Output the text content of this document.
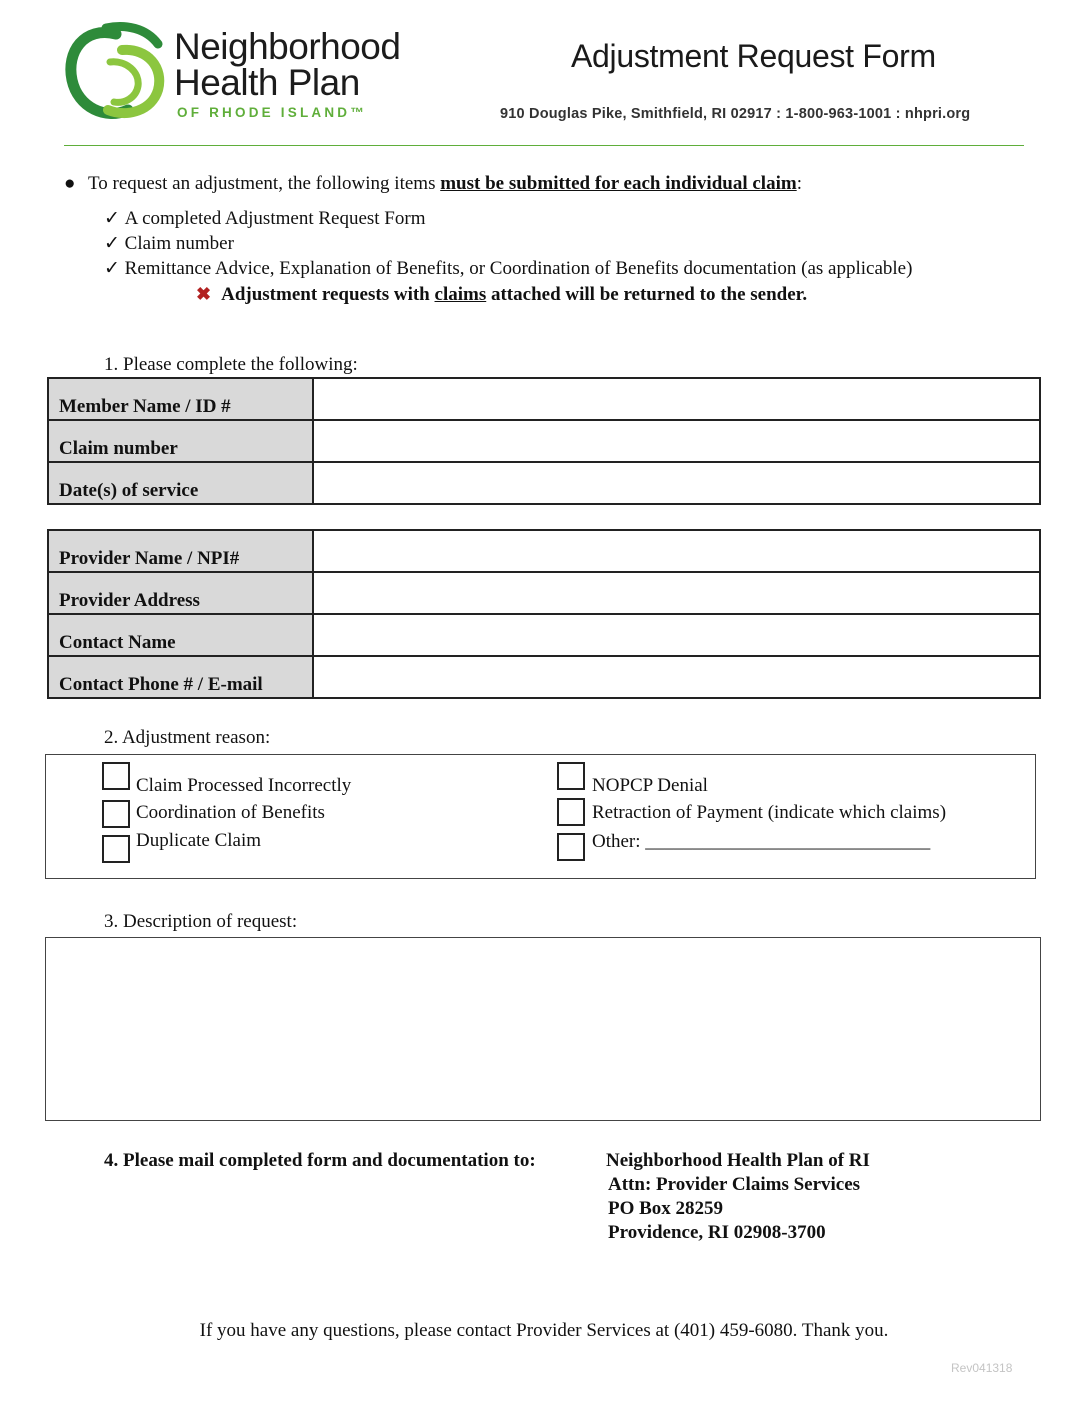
Neighborhood
Health Plan
OF RHODE ISLAND™
Adjustment Request Form
910 Douglas Pike, Smithfield, RI 02917 : 1-800-963-1001 : nhpri.org
● To request an adjustment, the following items must be submitted for each individual claim:
✓ A completed Adjustment Request Form
✓ Claim number
✓ Remittance Advice, Explanation of Benefits, or Coordination of Benefits documentation (as applicable)
✖ Adjustment requests with claims attached will be returned to the sender.
1. Please complete the following:
Member Name / ID #	
Claim number	
Date(s) of service	
Provider Name / NPI#	
Provider Address	
Contact Name	
Contact Phone # / E-mail	
2. Adjustment reason:
Claim Processed Incorrectly
Coordination of Benefits
Duplicate Claim
NOPCP Denial
Retraction of Payment (indicate which claims)
Other: ______________________________
3. Description of request:
4. Please mail completed form and documentation to:	Neighborhood Health Plan of RI
Attn: Provider Claims Services
PO Box 28259
Providence, RI 02908-3700
If you have any questions, please contact Provider Services at (401) 459-6080. Thank you.
Rev041318
